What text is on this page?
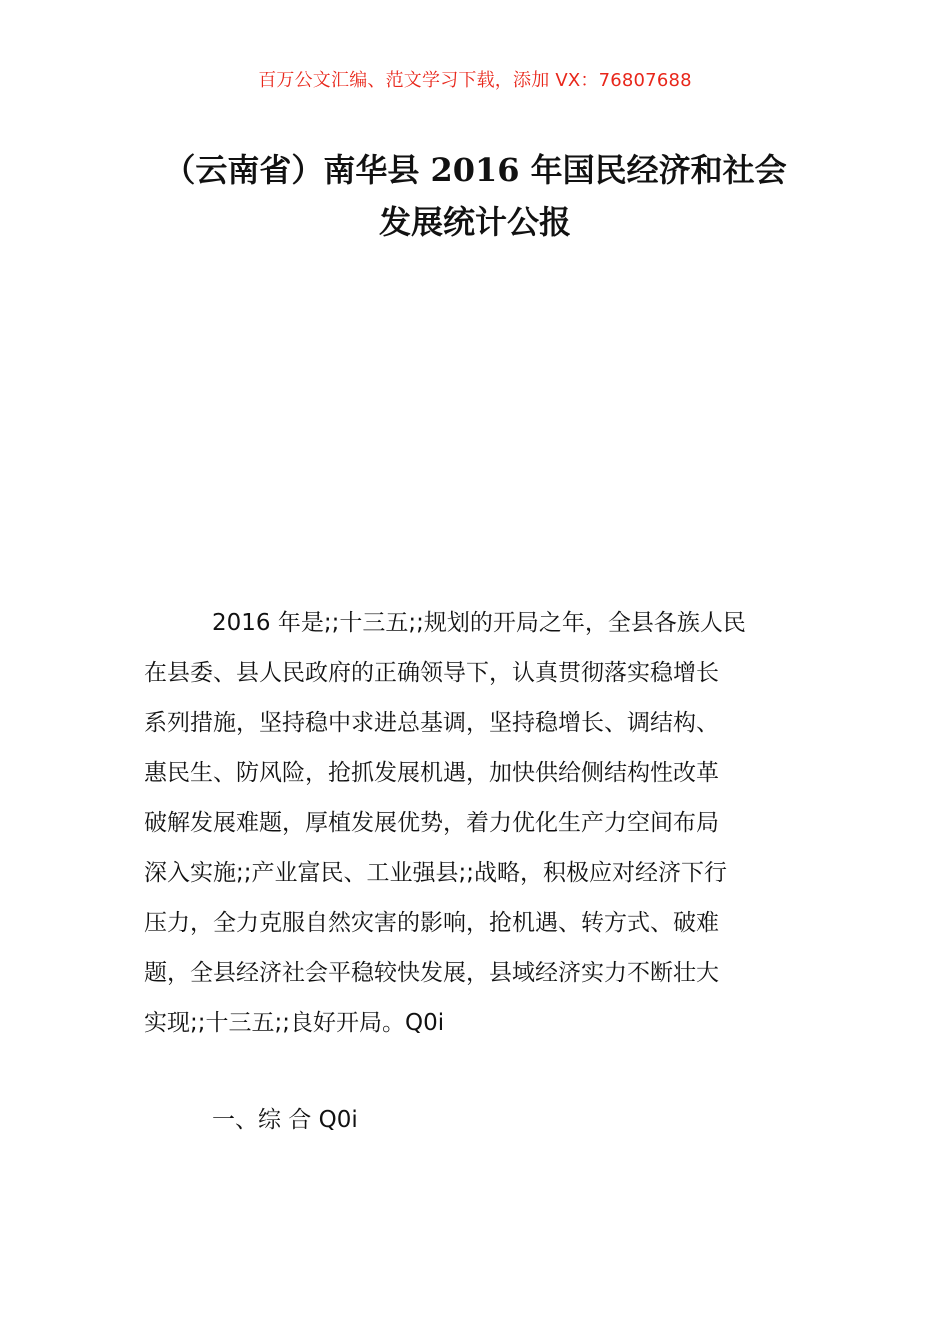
百万公文汇编、范文学习下载，添加 VX：76807688
（云南省）南华县 2016 年国民经济和社会
发展统计公报
2016 年是;;十三五;;规划的开局之年，全县各族人民
在县委、县人民政府的正确领导下，认真贯彻落实稳增长
系列措施，坚持稳中求进总基调，坚持稳增长、调结构、
惠民生、防风险，抢抓发展机遇，加快供给侧结构性改革
破解发展难题，厚植发展优势，着力优化生产力空间布局
深入实施;;产业富民、工业强县;;战略，积极应对经济下行
压力，全力克服自然灾害的影响，抢机遇、转方式、破难
题，全县经济社会平稳较快发展，县域经济实力不断壮大
实现;;十三五;;良好开局。Q0i
一、综 合 Q0i
